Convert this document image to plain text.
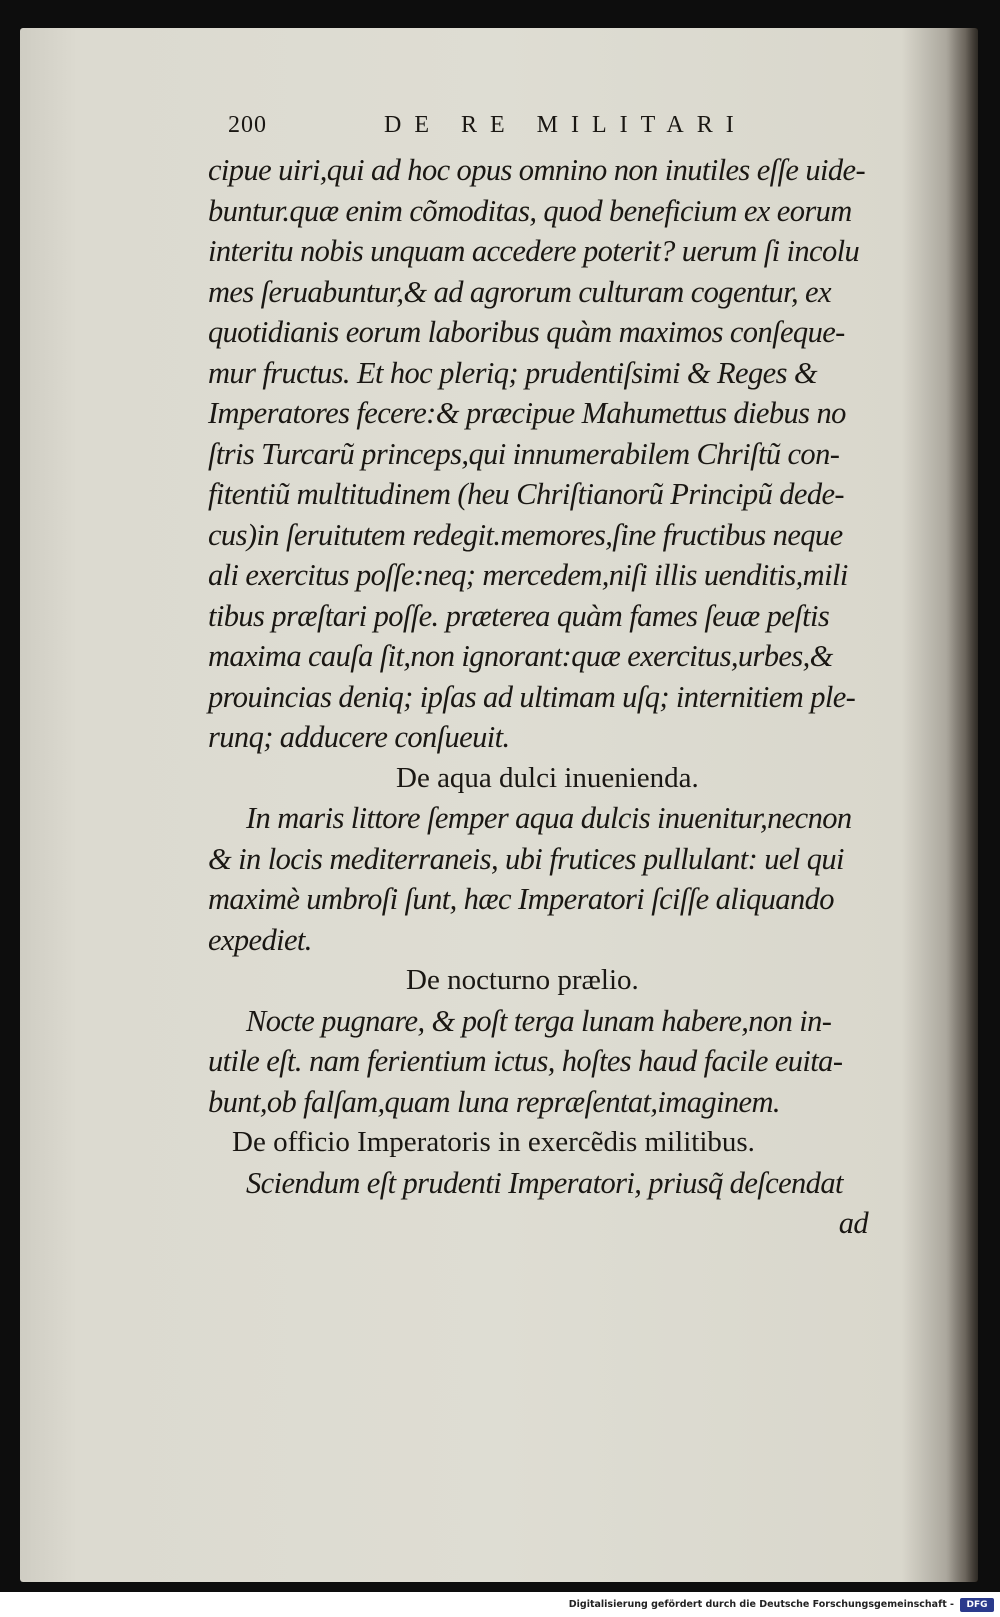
200	DE RE MILITARI
cipue uiri,qui ad hoc opus omnino non inutiles eſſe uide-
buntur.quæ enim cõmoditas, quod beneficium ex eorum
interitu nobis unquam accedere poterit? uerum ſi incolu
mes ſeruabuntur,& ad agrorum culturam cogentur, ex
quotidianis eorum laboribus quàm maximos conſeque-
mur fructus. Et hoc pleriq; prudentiſsimi & Reges &
Imperatores fecere:& præcipue Mahumettus diebus no
ſtris Turcarũ princeps,qui innumerabilem Chriſtũ con-
fitentiũ multitudinem (heu Chriſtianorũ Principũ dede-
cus)in ſeruitutem redegit.memores,ſine fructibus neque
ali exercitus poſſe:neq; mercedem,niſi illis uenditis,mili
tibus præſtari poſſe. præterea quàm fames ſeuæ peſtis
maxima cauſa ſit,non ignorant:quæ exercitus,urbes,&
prouincias deniq; ipſas ad ultimam uſq; internitiem ple-
runq; adducere conſueuit.
De aqua dulci inuenienda.
In maris littore ſemper aqua dulcis inuenitur,necnon
& in locis mediterraneis, ubi frutices pullulant: uel qui
maximè umbroſi ſunt, hæc Imperatori ſciſſe aliquando
expediet.
De nocturno prælio.
Nocte pugnare, & poſt terga lunam habere,non in-
utile eſt. nam ferientium ictus, hoſtes haud facile euita-
bunt,ob falſam,quam luna repræſentat,imaginem.
De officio Imperatoris in exercẽdis militibus.
Sciendum eſt prudenti Imperatori, priusq̃ deſcendat
ad
Digitalisierung gefördert durch die Deutsche Forschungsgemeinschaft -	DFG
